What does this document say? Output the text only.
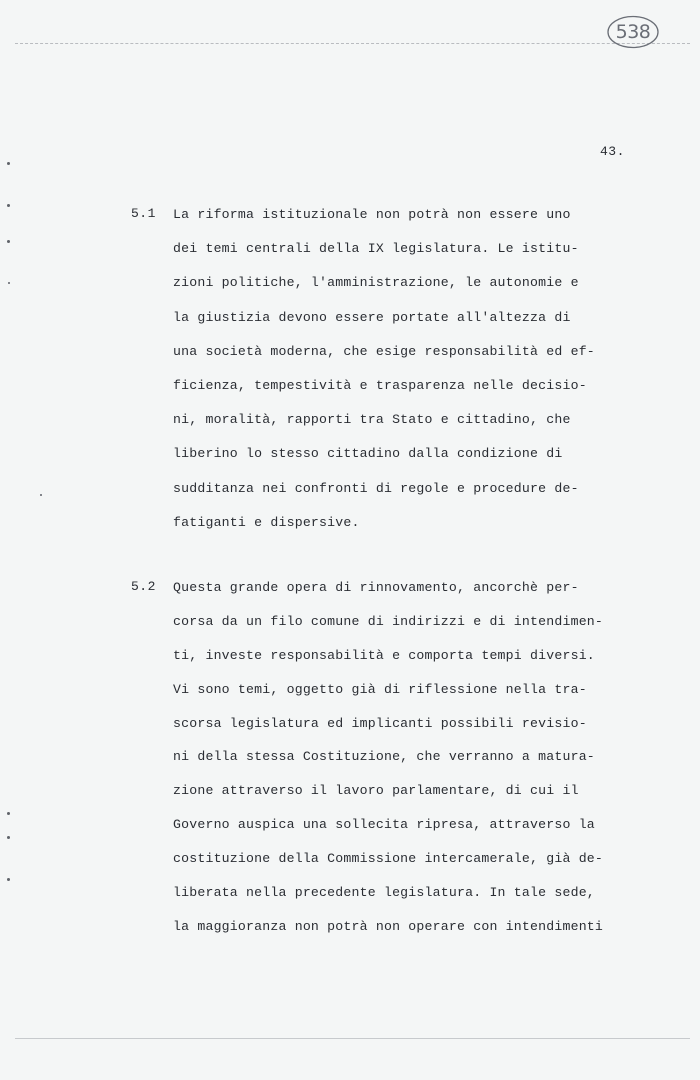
538
43.
5.1 La riforma istituzionale non potrà non essere uno
dei temi centrali della IX legislatura. Le istitu-
zioni politiche, l'amministrazione, le autonomie e
la giustizia devono essere portate all'altezza di
una società moderna, che esige responsabilità ed ef-
ficienza, tempestività e trasparenza nelle decisio-
ni, moralità, rapporti tra Stato e cittadino, che
liberino lo stesso cittadino dalla condizione di
sudditanza nei confronti di regole e procedure de-
fatiganti e dispersive.
5.2 Questa grande opera di rinnovamento, ancorchè per-
corsa da un filo comune di indirizzi e di intendimen-
ti, investe responsabilità e comporta tempi diversi.
Vi sono temi, oggetto già di riflessione nella tra-
scorsa legislatura ed implicanti possibili revisio-
ni della stessa Costituzione, che verranno a matura-
zione attraverso il lavoro parlamentare, di cui il
Governo auspica una sollecita ripresa, attraverso la
costituzione della Commissione intercamerale, già de-
liberata nella precedente legislatura. In tale sede,
la maggioranza non potrà non operare con intendimenti
